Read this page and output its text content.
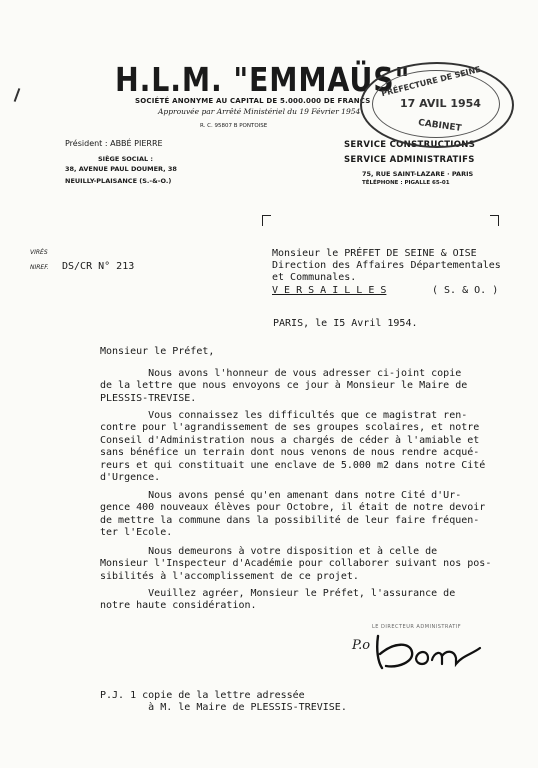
H.L.M. "EMMAÜS"
SOCIÉTÉ ANONYME AU CAPITAL DE 5.000.000 DE FRANCS
Approuvée par Arrêté Ministériel du 19 Février 1954
R. C. 95807 B PONTOISE
Président : ABBÉ PIERRE
SIÈGE SOCIAL :
38, AVENUE PAUL DOUMER, 38
NEUILLY-PLAISANCE (S.-&-O.)
SERVICE CONSTRUCTIONS
SERVICE ADMINISTRATIFS
75, RUE SAINT-LAZARE · PARIS
TÉLÉPHONE : PIGALLE 65-01
PRÉFECTURE DE SEINE
17 AVIL 1954
CABINET
VIRÉS
NIREF. DS/CR N° 213
Monsieur le PRÉFET DE SEINE & OISE
Direction des Affaires Départementales
et Communales.
V E R S A I L L E S	( S. & O. )
PARIS, le I5 Avril 1954.
Monsieur le Préfet,
Nous avons l'honneur de vous adresser ci-joint copie
de la lettre que nous envoyons ce jour à Monsieur le Maire de
PLESSIS-TREVISE.
Vous connaissez les difficultés que ce magistrat ren-
contre pour l'agrandissement de ses groupes scolaires, et notre
Conseil d'Administration nous a chargés de céder à l'amiable et
sans bénéfice un terrain dont nous venons de nous rendre acqué-
reurs et qui constituait une enclave de 5.000 m2 dans notre Cité
d'Urgence.
Nous avons pensé qu'en amenant dans notre Cité d'Ur-
gence 400 nouveaux élèves pour Octobre, il était de notre devoir
de mettre la commune dans la possibilité de leur faire fréquen-
ter l'Ecole.
Nous demeurons à votre disposition et à celle de
Monsieur l'Inspecteur d'Académie pour collaborer suivant nos pos-
sibilités à l'accomplissement de ce projet.
Veuillez agréer, Monsieur le Préfet, l'assurance de
notre haute considération.
LE DIRECTEUR ADMINISTRATIF
P.o
P.J. 1 copie de la lettre adressée
à M. le Maire de PLESSIS-TREVISE.
